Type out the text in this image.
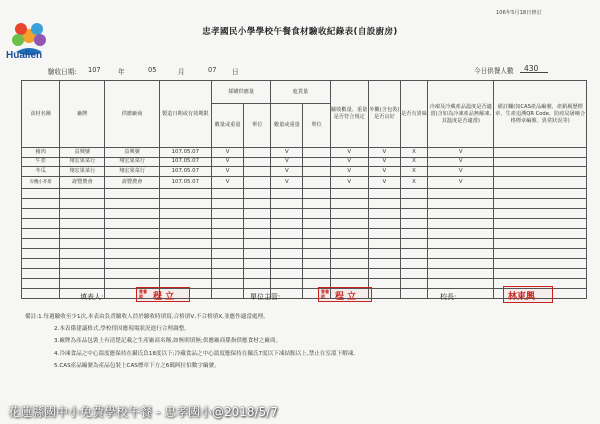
Hualien
106年5月18日修訂
忠孝國民小學學校午餐食材驗收紀錄表(自設廚房)
驗收日期: 107	年	05	月	07 日	今日供餐人數 430
食材名稱	廠牌	供應廠商	製造日期或有效期限	採購供應量		進貨量		驗收數量、重量是否符合規定	外觀(含包裝)是否良好	是否有異味	冷凍及冷藏產品溫度是否適當(含如為冷凍產品無解凍,其溫度是否適當)	備註欄(如CAS產品編號、產銷履歷標章、生產追溯QR Code、防疫局屠檢合格標章編號、異常狀況等)
				數量或重量	單位	數量或重量	單位					
豬肉	益興號	益興號	107.05.07	V		V		V	V	X	V	
牛蒡	翔宏果菜行	翔宏果菜行	107.05.07	V		V		V	V	X	V	
冬瓜	翔宏果菜行	翔宏果菜行	107.05.07	V		V		V	V	X	V	
有機小芥菜	壽豐農會	壽豐農會	107.05.07	V		V		V	V	X	V	

填表人:
營養師	程 立	單位主管:
營養師	程 立	校長:	林東興
備註:1.每週驗收至少1次,本表由負責驗收人員於驗收時填寫,合格填V,不合格填X,並應作適當處理。
2.本表係建議格式,學校得因應現場狀況進行合理調整。
3.廠牌為產品包裝上有清楚記載之生產廠商名稱,如無則填無;供應廠商係指供應食材之廠商。
4.冷凍食品之中心溫度應保持在攝氏負18度以下;冷藏食品之中心溫度應保持在攝氏7度以下凍結點以上,禁止在室溫下解凍。
5.CAS產品編號為產品包裝上CAS標章下方之6碼阿拉伯數字編號。
花蓮縣國中小免費學校午餐 - 忠孝國小@2018/5/7
